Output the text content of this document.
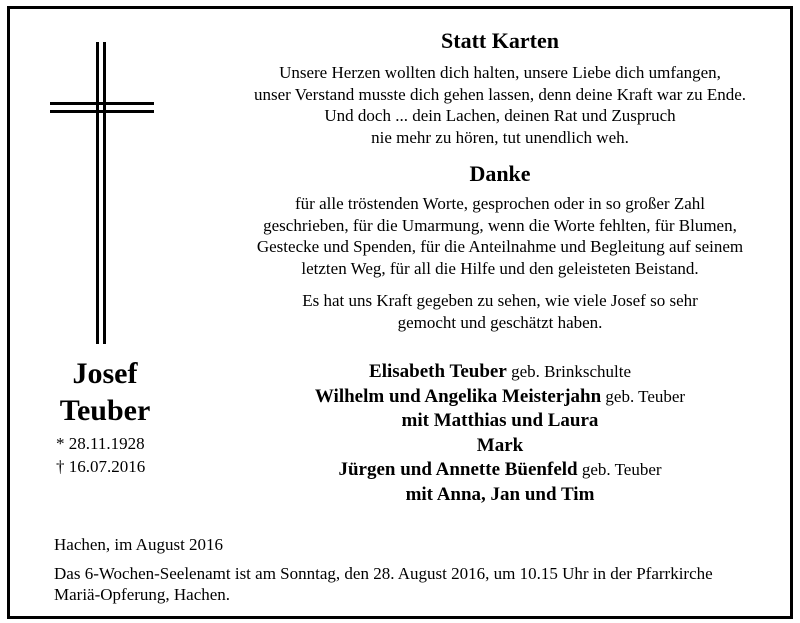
Josef
Teuber
* 28.11.1928
† 16.07.2016
Statt Karten
Unsere Herzen wollten dich halten, unsere Liebe dich umfangen,
unser Verstand musste dich gehen lassen, denn deine Kraft war zu Ende.
Und doch ... dein Lachen, deinen Rat und Zuspruch
nie mehr zu hören, tut unendlich weh.
Danke
für alle tröstenden Worte, gesprochen oder in so großer Zahl
geschrieben, für die Umarmung, wenn die Worte fehlten, für Blumen,
Gestecke und Spenden, für die Anteilnahme und Begleitung auf seinem
letzten Weg, für all die Hilfe und den geleisteten Beistand.
Es hat uns Kraft gegeben zu sehen, wie viele Josef so sehr
gemocht und geschätzt haben.
Elisabeth Teuber geb. Brinkschulte
Wilhelm und Angelika Meisterjahn geb. Teuber
mit Matthias und Laura
Mark
Jürgen und Annette Büenfeld geb. Teuber
mit Anna, Jan und Tim
Hachen, im August 2016
Das 6-Wochen-Seelenamt ist am Sonntag, den 28. August 2016, um 10.15 Uhr in der Pfarrkirche
Mariä-Opferung, Hachen.
